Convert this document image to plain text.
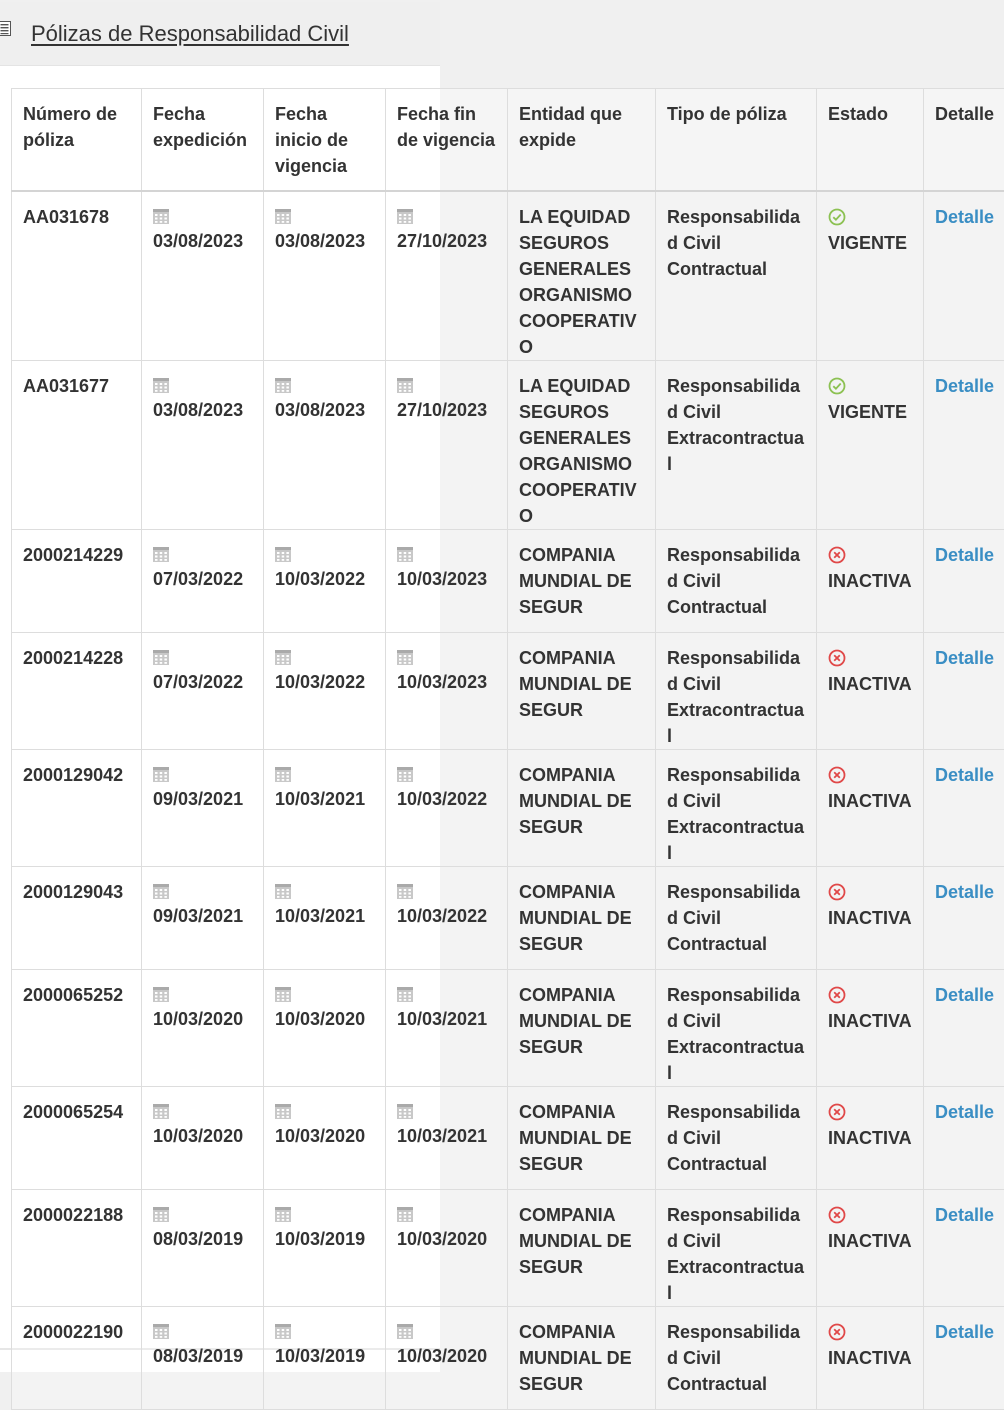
Pólizas de Responsabilidad Civil
Número de póliza	Fecha expedición	Fecha inicio de vigencia	Fecha fin de vigencia	Entidad que expide	Tipo de póliza	Estado	Detalle
AA031678	03/08/2023	03/08/2023	27/10/2023	LA EQUIDAD SEGUROS GENERALES ORGANISMO COOPERATIVO	Responsabilidad Civil Contractual	VIGENTE	Detalle
AA031677	03/08/2023	03/08/2023	27/10/2023	LA EQUIDAD SEGUROS GENERALES ORGANISMO COOPERATIVO	Responsabilidad Civil Extracontractual	VIGENTE	Detalle
2000214229	07/03/2022	10/03/2022	10/03/2023	COMPANIA MUNDIAL DE SEGUR	Responsabilidad Civil Contractual	INACTIVA	Detalle
2000214228	07/03/2022	10/03/2022	10/03/2023	COMPANIA MUNDIAL DE SEGUR	Responsabilidad Civil Extracontractual	INACTIVA	Detalle
2000129042	09/03/2021	10/03/2021	10/03/2022	COMPANIA MUNDIAL DE SEGUR	Responsabilidad Civil Extracontractual	INACTIVA	Detalle
2000129043	09/03/2021	10/03/2021	10/03/2022	COMPANIA MUNDIAL DE SEGUR	Responsabilidad Civil Contractual	INACTIVA	Detalle
2000065252	10/03/2020	10/03/2020	10/03/2021	COMPANIA MUNDIAL DE SEGUR	Responsabilidad Civil Extracontractual	INACTIVA	Detalle
2000065254	10/03/2020	10/03/2020	10/03/2021	COMPANIA MUNDIAL DE SEGUR	Responsabilidad Civil Contractual	INACTIVA	Detalle
2000022188	08/03/2019	10/03/2019	10/03/2020	COMPANIA MUNDIAL DE SEGUR	Responsabilidad Civil Extracontractual	INACTIVA	Detalle
2000022190	08/03/2019	10/03/2019	10/03/2020	COMPANIA MUNDIAL DE SEGUR	Responsabilidad Civil Contractual	INACTIVA	Detalle
